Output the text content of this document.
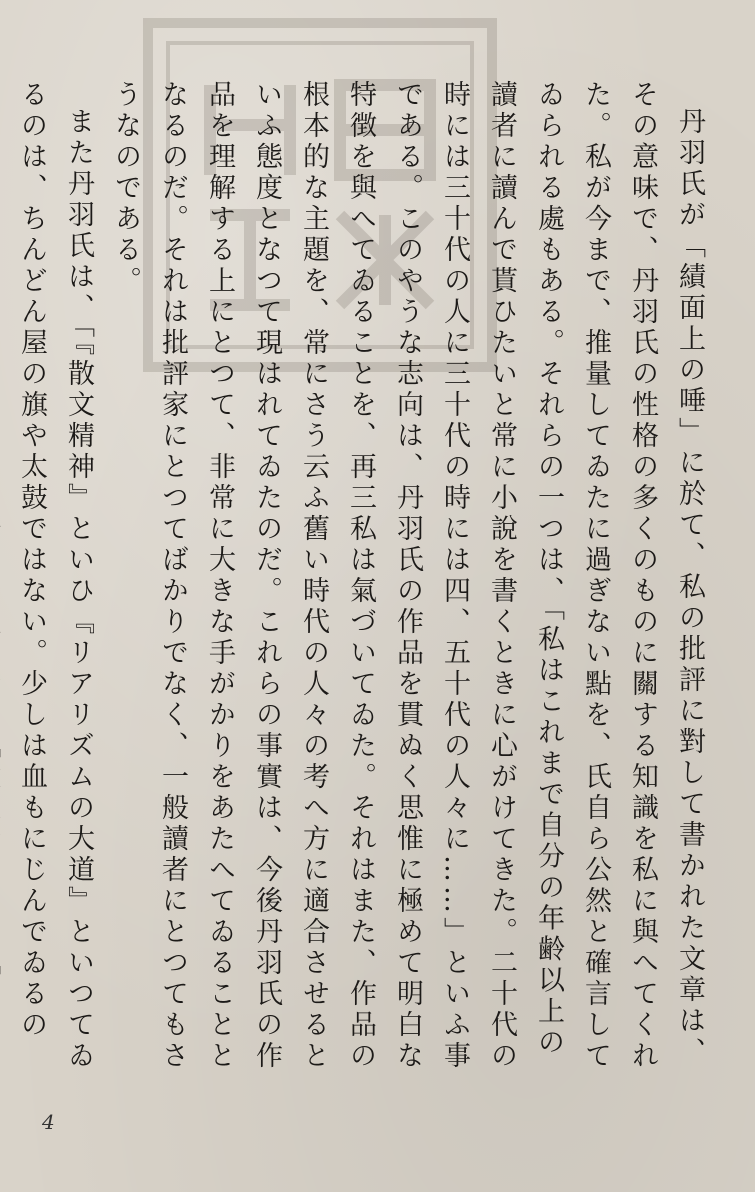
丹羽氏が「績面上の唾」に於て、私の批評に對して書かれた文章は、その意味で、丹羽氏の性格の多くのものに關する知識を私に與へてくれた。私が今まで、推量してゐたに過ぎない點を、氏自ら公然と確言してゐられる處もある。それらの一つは、「私はこれまで自分の年齢以上の讀者に讀んで貰ひたいと常に小說を書くときに心がけてきた。二十代の時には三十代の人に三十代の時には四、五十代の人々に……」といふ事である。このやうな志向は、丹羽氏の作品を貫ぬく思惟に極めて明白な特徴を與へてゐることを、再三私は氣づいてゐた。それはまた、作品の根本的な主題を、常にさう云ふ舊い時代の人々の考へ方に適合させるといふ態度となつて現はれてゐたのだ。これらの事實は、今後丹羽氏の作品を理解する上にとつて、非常に大きな手がかりをあたへてゐることとなるのだ。それは批評家にとつてばかりでなく、一般讀者にとつてもさうなのである。

また丹羽氏は、「『散文精神』といひ『リアリズムの大道』といつてゐるのは、ちんどん屋の旗や太鼓ではない。少しは血もにじんでゐるの

4
